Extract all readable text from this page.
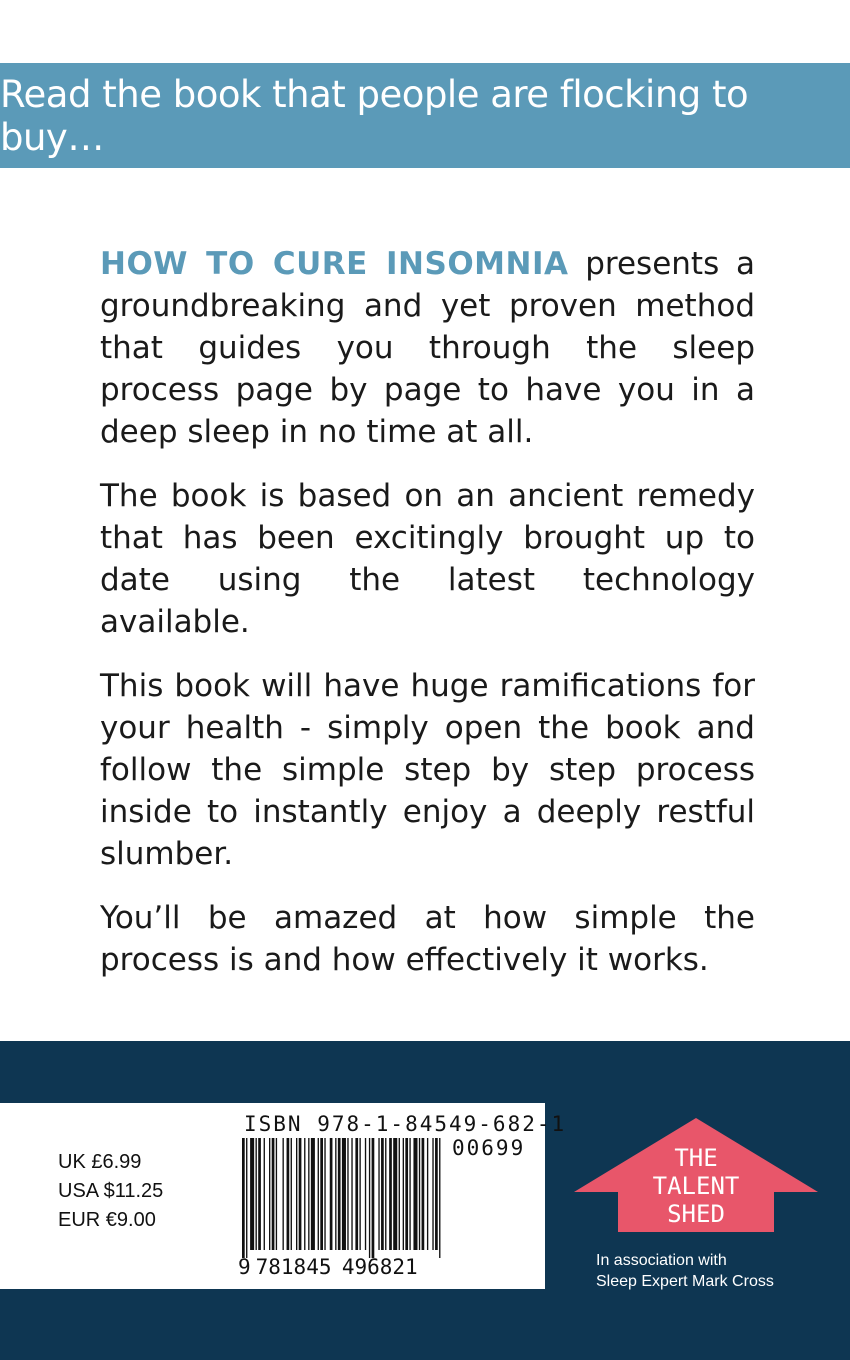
Read the book that people are flocking to buy…

HOW TO CURE INSOMNIA presents a groundbreaking and yet proven method that guides you through the sleep process page by page to have you in a deep sleep in no time at all.

The book is based on an ancient remedy that has been excitingly brought up to date using the latest technology available.

This book will have huge ramifications for your health - simply open the book and follow the simple step by step process inside to instantly enjoy a deeply restful slumber.

You’ll be amazed at how simple the process is and how effectively it works.

UK £6.99
USA $11.25
EUR €9.00
ISBN 978-1-84549-682-1
00699
9 781845 496821
THE
TALENT
SHED
In association with
Sleep Expert Mark Cross
